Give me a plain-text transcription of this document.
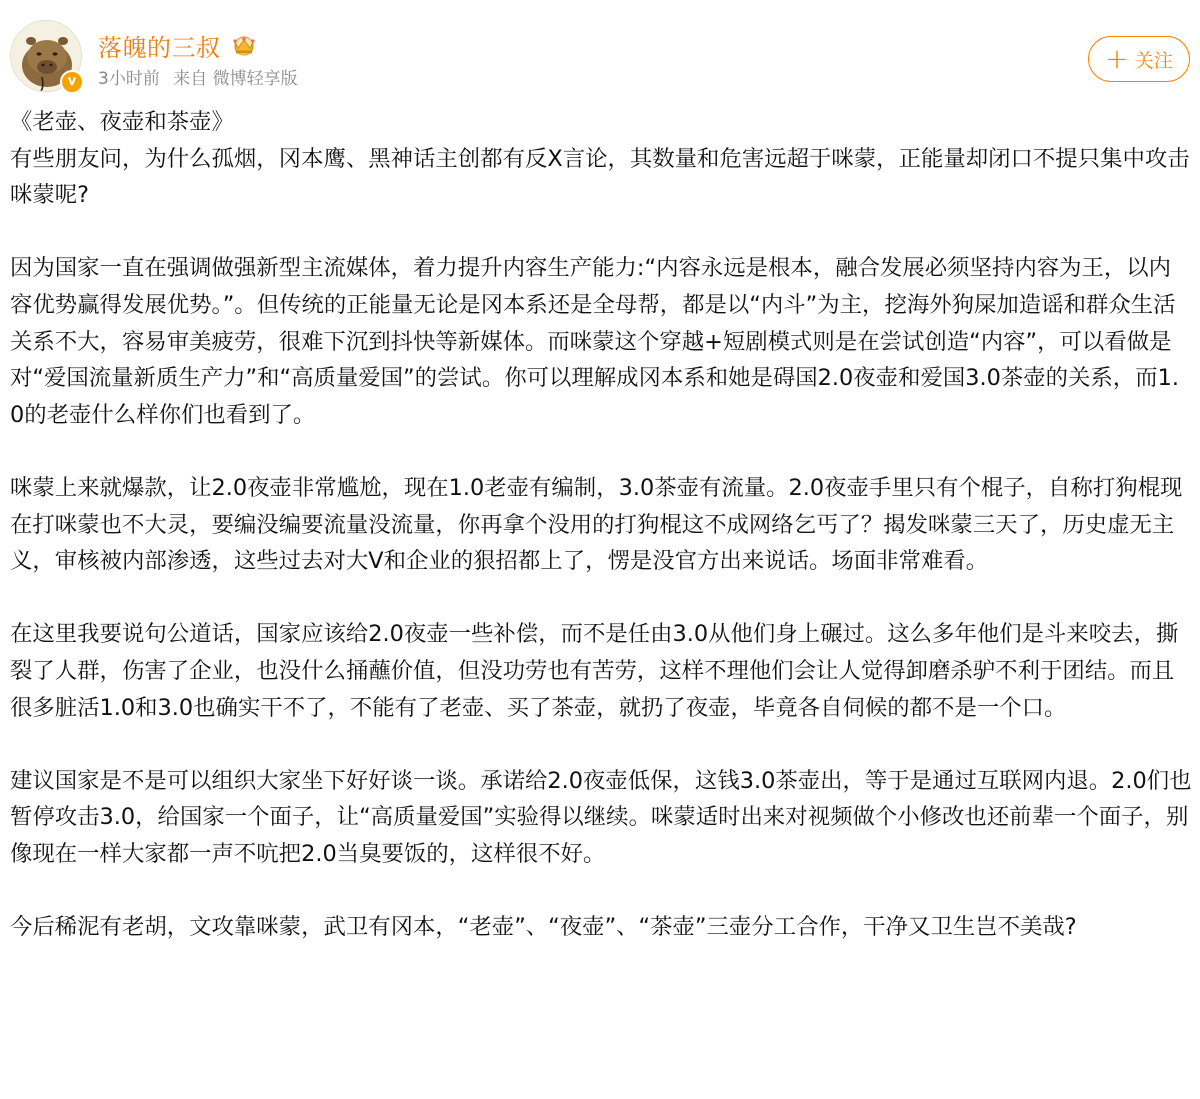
v
落魄的三叔
3小时前 来自 微博轻享版
+ 关注

《老壶、夜壶和茶壶》

有些朋友问，为什么孤烟，冈本鹰、黑神话主创都有反X言论，其数量和危害远超于咪蒙，正能量却闭口不提只集中攻击咪蒙呢?

因为国家一直在强调做强新型主流媒体，着力提升内容生产能力:“内容永远是根本，融合发展必须坚持内容为王，以内容优势赢得发展优势。”。但传统的正能量无论是冈本系还是全母帮，都是以“内斗”为主，挖海外狗屎加造谣和群众生活关系不大，容易审美疲劳，很难下沉到抖快等新媒体。而咪蒙这个穿越+短剧模式则是在尝试创造“内容”，可以看做是对“爱国流量新质生产力”和“高质量爱国”的尝试。你可以理解成冈本系和她是碍国2.0夜壶和爱国3.0茶壶的关系，而1.0的老壶什么样你们也看到了。

咪蒙上来就爆款，让2.0夜壶非常尴尬，现在1.0老壶有编制，3.0茶壶有流量。2.0夜壶手里只有个棍子，自称打狗棍现在打咪蒙也不大灵，要编没编要流量没流量，你再拿个没用的打狗棍这不成网络乞丐了？揭发咪蒙三天了，历史虚无主义，审核被内部渗透，这些过去对大V和企业的狠招都上了，愣是没官方出来说话。场面非常难看。

在这里我要说句公道话，国家应该给2.0夜壶一些补偿，而不是任由3.0从他们身上碾过。这么多年他们是斗来咬去，撕裂了人群，伤害了企业，也没什么捅蘸价值，但没功劳也有苦劳，这样不理他们会让人觉得卸磨杀驴不利于团结。而且很多脏活1.0和3.0也确实干不了，不能有了老壶、买了茶壶，就扔了夜壶，毕竟各自伺候的都不是一个口。

建议国家是不是可以组织大家坐下好好谈一谈。承诺给2.0夜壶低保，这钱3.0茶壶出，等于是通过互联网内退。2.0们也暂停攻击3.0，给国家一个面子，让“高质量爱国”实验得以继续。咪蒙适时出来对视频做个小修改也还前辈一个面子，别像现在一样大家都一声不吭把2.0当臭要饭的，这样很不好。

今后稀泥有老胡，文攻靠咪蒙，武卫有冈本，“老壶”、“夜壶”、“茶壶”三壶分工合作，干净又卫生岂不美哉?
